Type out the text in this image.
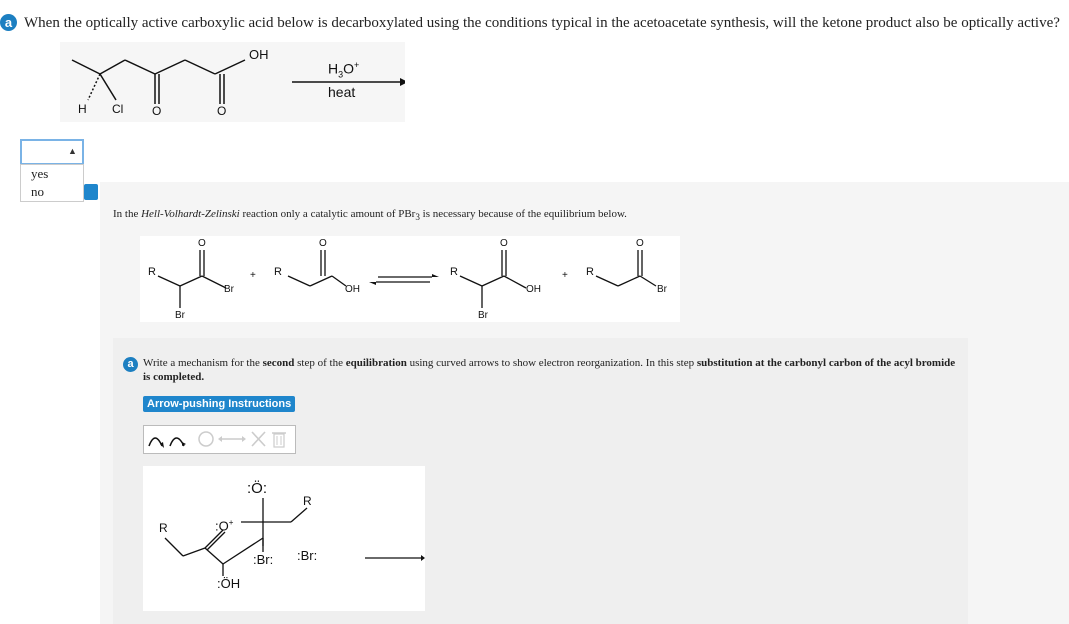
a When the optically active carboxylic acid below is decarboxylated using the conditions typical in the acetoacetate synthesis, will the ketone product also be optically active?
OH
H Cl O	O
$H_3O^+$
heat
▲
yes
no
In the Hell-Volhardt-Zelinski reaction only a catalytic amount of PBr$_3$ is necessary because of the equilibrium below.
R
O
Br
Br
+ R
O
OH
R
O
OH
Br
+ R
O
Br
a Write a mechanism for the second step of the equilibration using curved arrows to show electron reorganization. In this step substitution at the carbonyl carbon of the acyl bromide is completed.
Arrow-pushing Instructions
R
:Ö:
R
:O+
:Br: :Br:
:ÖH
